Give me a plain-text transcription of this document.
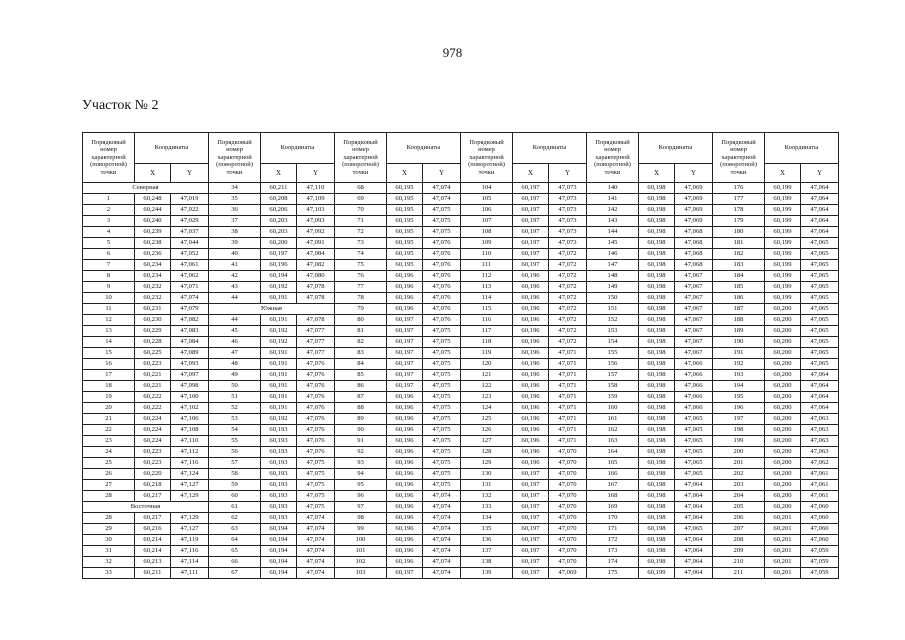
978
Участок № 2
Порядковый номер характерной (поворотной) точки	Координаты		Порядковый номер характерной (поворотной) точки	Координаты		Порядковый номер характерной (поворотной) точки	Координаты		Порядковый номер характерной (поворотной) точки	Координаты		Порядковый номер характерной (поворотной) точки	Координаты		Порядковый номер характерной (поворотной) точки	Координаты	
	X	Y		X	Y		X	Y		X	Y		X	Y		X	Y
Северная			34	60,211	47,110	68	60,195	47,074	104	60,197	47,073	140	60,198	47,069	176	60,199	47,064
1	60,248	47,019	35	60,208	47,109	69	60,195	47,074	105	60,197	47,073	141	60,198	47,069	177	60,199	47,064
2	60,244	47,022	36	60,206	47,103	70	60,195	47,075	106	60,197	47,073	142	60,198	47,069	178	60,199	47,064
3	60,240	47,029	37	60,203	47,093	71	60,195	47,075	107	60,197	47,073	143	60,198	47,069	179	60,199	47,064
4	60,239	47,037	38	60,203	47,092	72	60,195	47,075	108	60,197	47,073	144	60,198	47,068	180	60,199	47,064
5	60,238	47,044	39	60,200	47,091	73	60,195	47,076	109	60,197	47,073	145	60,198	47,068	181	60,199	47,065
6	60,236	47,052	40	60,197	47,084	74	60,195	47,076	110	60,197	47,072	146	60,198	47,068	182	60,199	47,065
7	60,234	47,061	41	60,196	47,082	75	60,195	47,076	111	60,197	47,072	147	60,198	47,068	183	60,199	47,065
8	60,234	47,062	42	60,194	47,080	76	60,196	47,076	112	60,196	47,072	148	60,198	47,067	184	60,199	47,065
9	60,232	47,071	43	60,192	47,078	77	60,196	47,076	113	60,196	47,072	149	60,198	47,067	185	60,199	47,065
10	60,232	47,074	44	60,191	47,078	78	60,196	47,076	114	60,196	47,072	150	60,198	47,067	186	60,199	47,065
11	60,231	47,079	Южная			79	60,196	47,076	115	60,196	47,072	151	60,198	47,067	187	60,200	47,065
12	60,230	47,082	44	60,191	47,078	80	60,197	47,076	116	60,196	47,072	152	60,198	47,067	188	60,200	47,065
13	60,229	47,083	45	60,192	47,077	81	60,197	47,075	117	60,196	47,072	153	60,198	47,067	189	60,200	47,065
14	60,228	47,084	46	60,192	47,077	82	60,197	47,075	118	60,196	47,072	154	60,198	47,067	190	60,200	47,065
15	60,225	47,089	47	60,191	47,077	83	60,197	47,075	119	60,196	47,071	155	60,198	47,067	191	60,200	47,065
16	60,223	47,093	48	60,191	47,076	84	60,197	47,075	120	60,196	47,071	156	60,198	47,066	192	60,200	47,065
17	60,221	47,097	49	60,191	47,076	85	60,197	47,075	121	60,196	47,071	157	60,198	47,066	193	60,200	47,064
18	60,221	47,098	50	60,191	47,076	86	60,197	47,075	122	60,196	47,071	158	60,198	47,066	194	60,200	47,064
19	60,222	47,100	51	60,191	47,076	87	60,196	47,075	123	60,196	47,071	159	60,198	47,066	195	60,200	47,064
20	60,222	47,102	52	60,191	47,076	88	60,196	47,075	124	60,196	47,071	160	60,198	47,066	196	60,200	47,064
21	60,224	47,106	53	60,192	47,076	89	60,196	47,075	125	60,196	47,071	161	60,198	47,065	197	60,200	47,063
22	60,224	47,108	54	60,193	47,076	90	60,196	47,075	126	60,196	47,071	162	60,198	47,065	198	60,200	47,063
23	60,224	47,110	55	60,193	47,076	91	60,196	47,075	127	60,196	47,071	163	60,198	47,065	199	60,200	47,063
24	60,223	47,112	56	60,193	47,076	92	60,196	47,075	128	60,196	47,070	164	60,198	47,065	200	60,200	47,063
25	60,223	47,116	57	60,193	47,075	93	60,196	47,075	129	60,196	47,070	165	60,198	47,065	201	60,200	47,062
26	60,220	47,124	58	60,193	47,075	94	60,196	47,075	130	60,197	47,070	166	60,198	47,065	202	60,200	47,061
27	60,218	47,127	59	60,193	47,075	95	60,196	47,075	131	60,197	47,070	167	60,198	47,064	203	60,200	47,061
28	60,217	47,129	60	60,193	47,075	96	60,196	47,074	132	60,197	47,070	168	60,198	47,064	204	60,200	47,061
Восточная			61	60,193	47,075	97	60,196	47,074	133	60,197	47,070	169	60,198	47,064	205	60,200	47,060
28	60,217	47,129	62	60,193	47,074	98	60,196	47,074	134	60,197	47,070	170	60,198	47,064	206	60,201	47,060
29	60,216	47,127	63	60,194	47,074	99	60,196	47,074	135	60,197	47,070	171	60,198	47,065	207	60,201	47,060
30	60,214	47,119	64	60,194	47,074	100	60,196	47,074	136	60,197	47,070	172	60,198	47,064	208	60,201	47,060
31	60,214	47,116	65	60,194	47,074	101	60,196	47,074	137	60,197	47,070	173	60,198	47,064	209	60,201	47,059
32	60,213	47,114	66	60,194	47,074	102	60,196	47,074	138	60,197	47,070	174	60,198	47,064	210	60,201	47,059
33	60,211	47,111	67	60,194	47,074	103	60,197	47,074	139	60,197	47,069	175	60,199	47,064	211	60,201	47,059
